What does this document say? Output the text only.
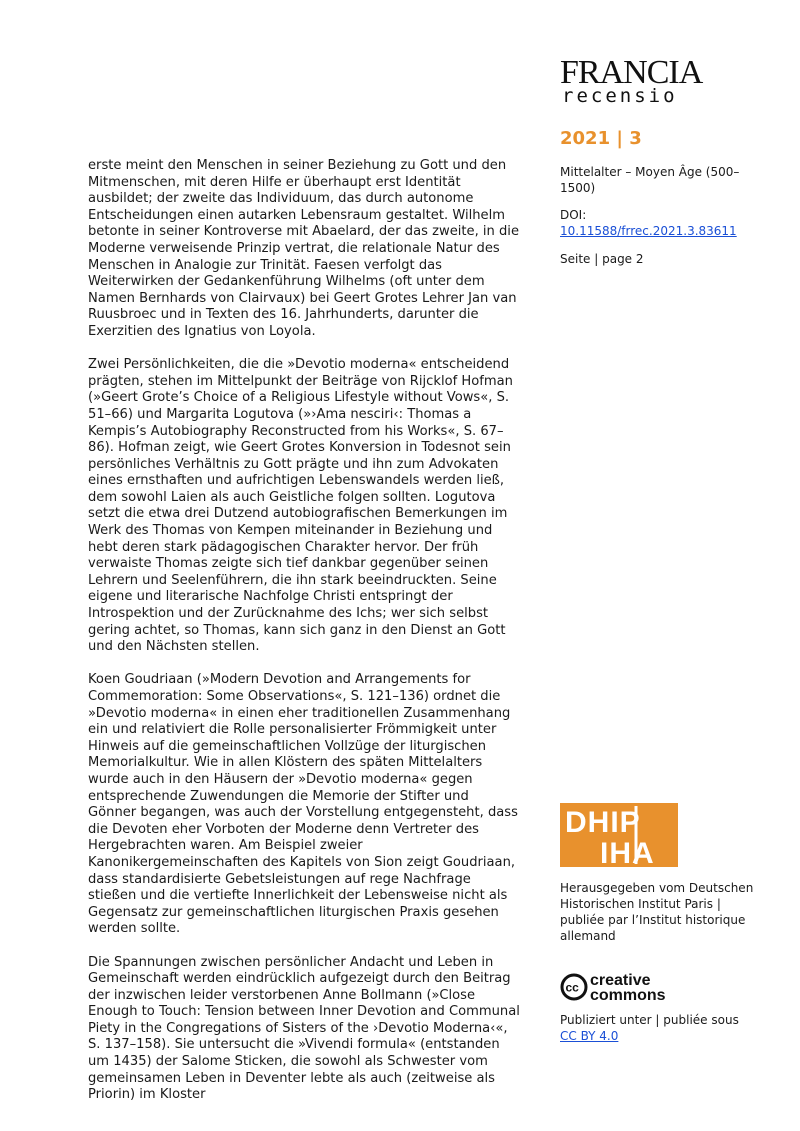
FRANCIA
recensio
2021 | 3
Mittelalter – Moyen Âge (500–1500)
DOI:
10.11588/frrec.2021.3.83611
Seite | page 2

erste meint den Menschen in seiner Beziehung zu Gott und den Mitmenschen, mit deren Hilfe er überhaupt erst Identität ausbildet; der zweite das Individuum, das durch autonome Entscheidungen einen autarken Lebensraum gestaltet. Wilhelm betonte in seiner Kontroverse mit Abaelard, der das zweite, in die Moderne verweisende Prinzip vertrat, die relationale Natur des Menschen in Analogie zur Trinität. Faesen verfolgt das Weiterwirken der Gedankenführung Wilhelms (oft unter dem Namen Bernhards von Clairvaux) bei Geert Grotes Lehrer Jan van Ruusbroec und in Texten des 16. Jahrhunderts, darunter die Exerzitien des Ignatius von Loyola.

Zwei Persönlichkeiten, die die »Devotio moderna« entscheidend prägten, stehen im Mittelpunkt der Beiträge von Rijcklof Hofman (»Geert Grote’s Choice of a Religious Lifestyle without Vows«, S. 51–66) und Margarita Logutova (»›Ama nesciri‹: Thomas a Kempis’s Autobiography Reconstructed from his Works«, S. 67–86). Hofman zeigt, wie Geert Grotes Konversion in Todesnot sein persönliches Verhältnis zu Gott prägte und ihn zum Advokaten eines ernsthaften und aufrichtigen Lebenswandels werden ließ, dem sowohl Laien als auch Geistliche folgen sollten. Logutova setzt die etwa drei Dutzend autobiografischen Bemerkungen im Werk des Thomas von Kempen miteinander in Beziehung und hebt deren stark pädagogischen Charakter hervor. Der früh verwaiste Thomas zeigte sich tief dankbar gegenüber seinen Lehrern und Seelenführern, die ihn stark beeindruckten. Seine eigene und literarische Nachfolge Christi entspringt der Introspektion und der Zurücknahme des Ichs; wer sich selbst gering achtet, so Thomas, kann sich ganz in den Dienst an Gott und den Nächsten stellen.

Koen Goudriaan (»Modern Devotion and Arrangements for Commemoration: Some Observations«, S. 121–136) ordnet die »Devotio moderna« in einen eher traditionellen Zusammenhang ein und relativiert die Rolle personalisierter Frömmigkeit unter Hinweis auf die gemeinschaftlichen Vollzüge der liturgischen Memorialkultur. Wie in allen Klöstern des späten Mittelalters wurde auch in den Häusern der »Devotio moderna« gegen entsprechende Zuwendungen die Memorie der Stifter und Gönner begangen, was auch der Vorstellung entgegensteht, dass die Devoten eher Vorboten der Moderne denn Vertreter des Hergebrachten waren. Am Beispiel zweier Kanonikergemeinschaften des Kapitels von Sion zeigt Goudriaan, dass standardisierte Gebetsleistungen auf rege Nachfrage stießen und die vertiefte Innerlichkeit der Lebensweise nicht als Gegensatz zur gemeinschaftlichen liturgischen Praxis gesehen werden sollte.

Die Spannungen zwischen persönlicher Andacht und Leben in Gemeinschaft werden eindrücklich aufgezeigt durch den Beitrag der inzwischen leider verstorbenen Anne Bollmann (»Close Enough to Touch: Tension between Inner Devotion and Communal Piety in the Congregations of Sisters of the ›Devotio Moderna‹«, S. 137–158). Sie untersucht die »Vivendi formula« (entstanden um 1435) der Salome Sticken, die sowohl als Schwester vom gemeinsamen Leben in Deventer lebte als auch (zeitweise als Priorin) im Kloster

DHIP
IHA
Herausgegeben vom Deutschen Historischen Institut Paris | publiée par l’Institut historique allemand
cc creative
commons
Publiziert unter | publiée sous
CC BY 4.0
